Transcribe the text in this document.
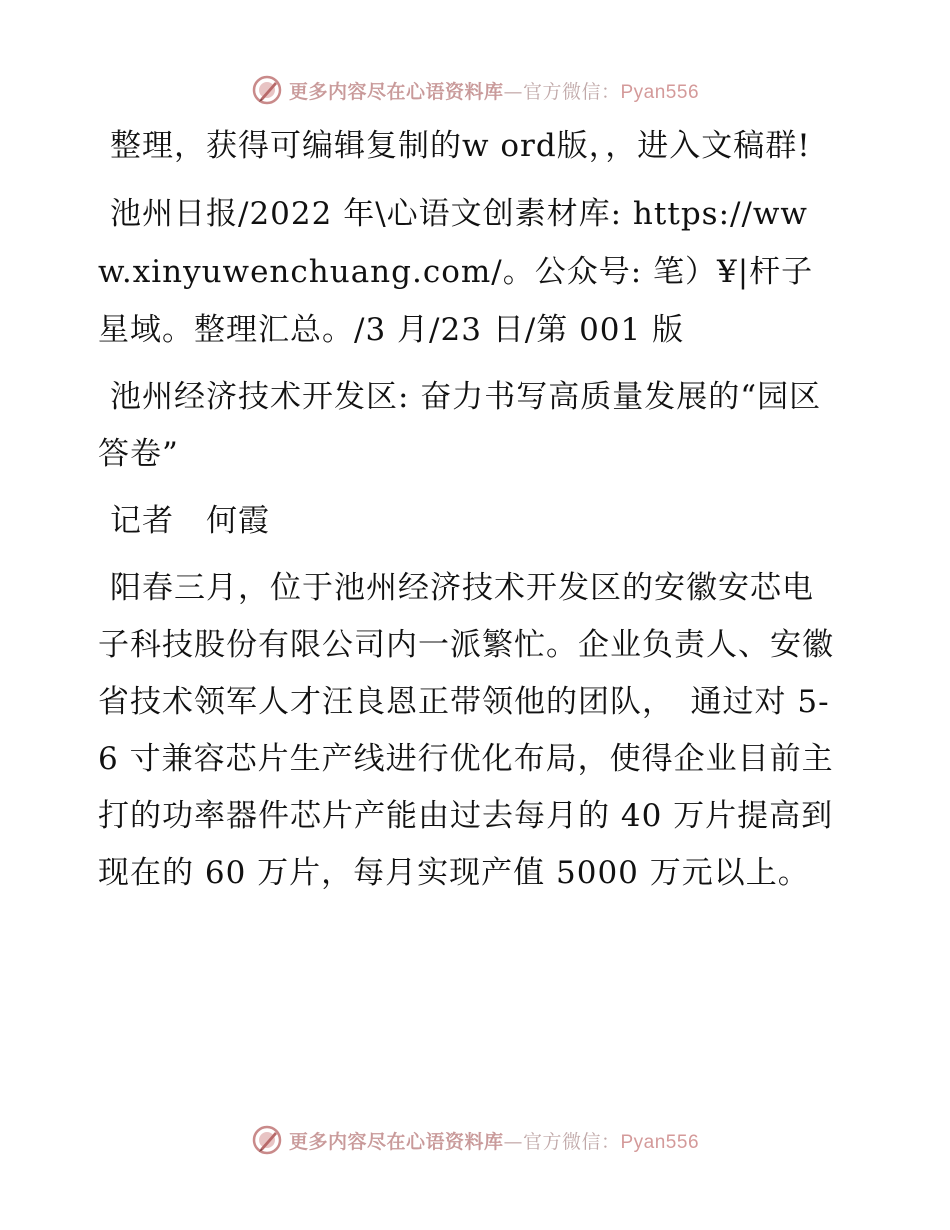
更多内容尽在心语资料库—官方微信：Pyan556

整理，获得可编辑复制的w ord版，，进入文稿群!

池州日报/2022 年\心语文创素材库: https://www.xinyuwenchuang.com/。公众号: 笔）¥|杆子星域。整理汇总。/3 月/23 日/第 001 版

池州经济技术开发区: 奋力书写高质量发展的“园区答卷”

记者　何霞

阳春三月，位于池州经济技术开发区的安徽安芯电子科技股份有限公司内一派繁忙。企业负责人、安徽省技术领军人才汪良恩正带领他的团队，　通过对 5-6 寸兼容芯片生产线进行优化布局，使得企业目前主打的功率器件芯片产能由过去每月的 40 万片提高到现在的 60 万片，每月实现产值 5000 万元以上。

更多内容尽在心语资料库—官方微信：Pyan556
